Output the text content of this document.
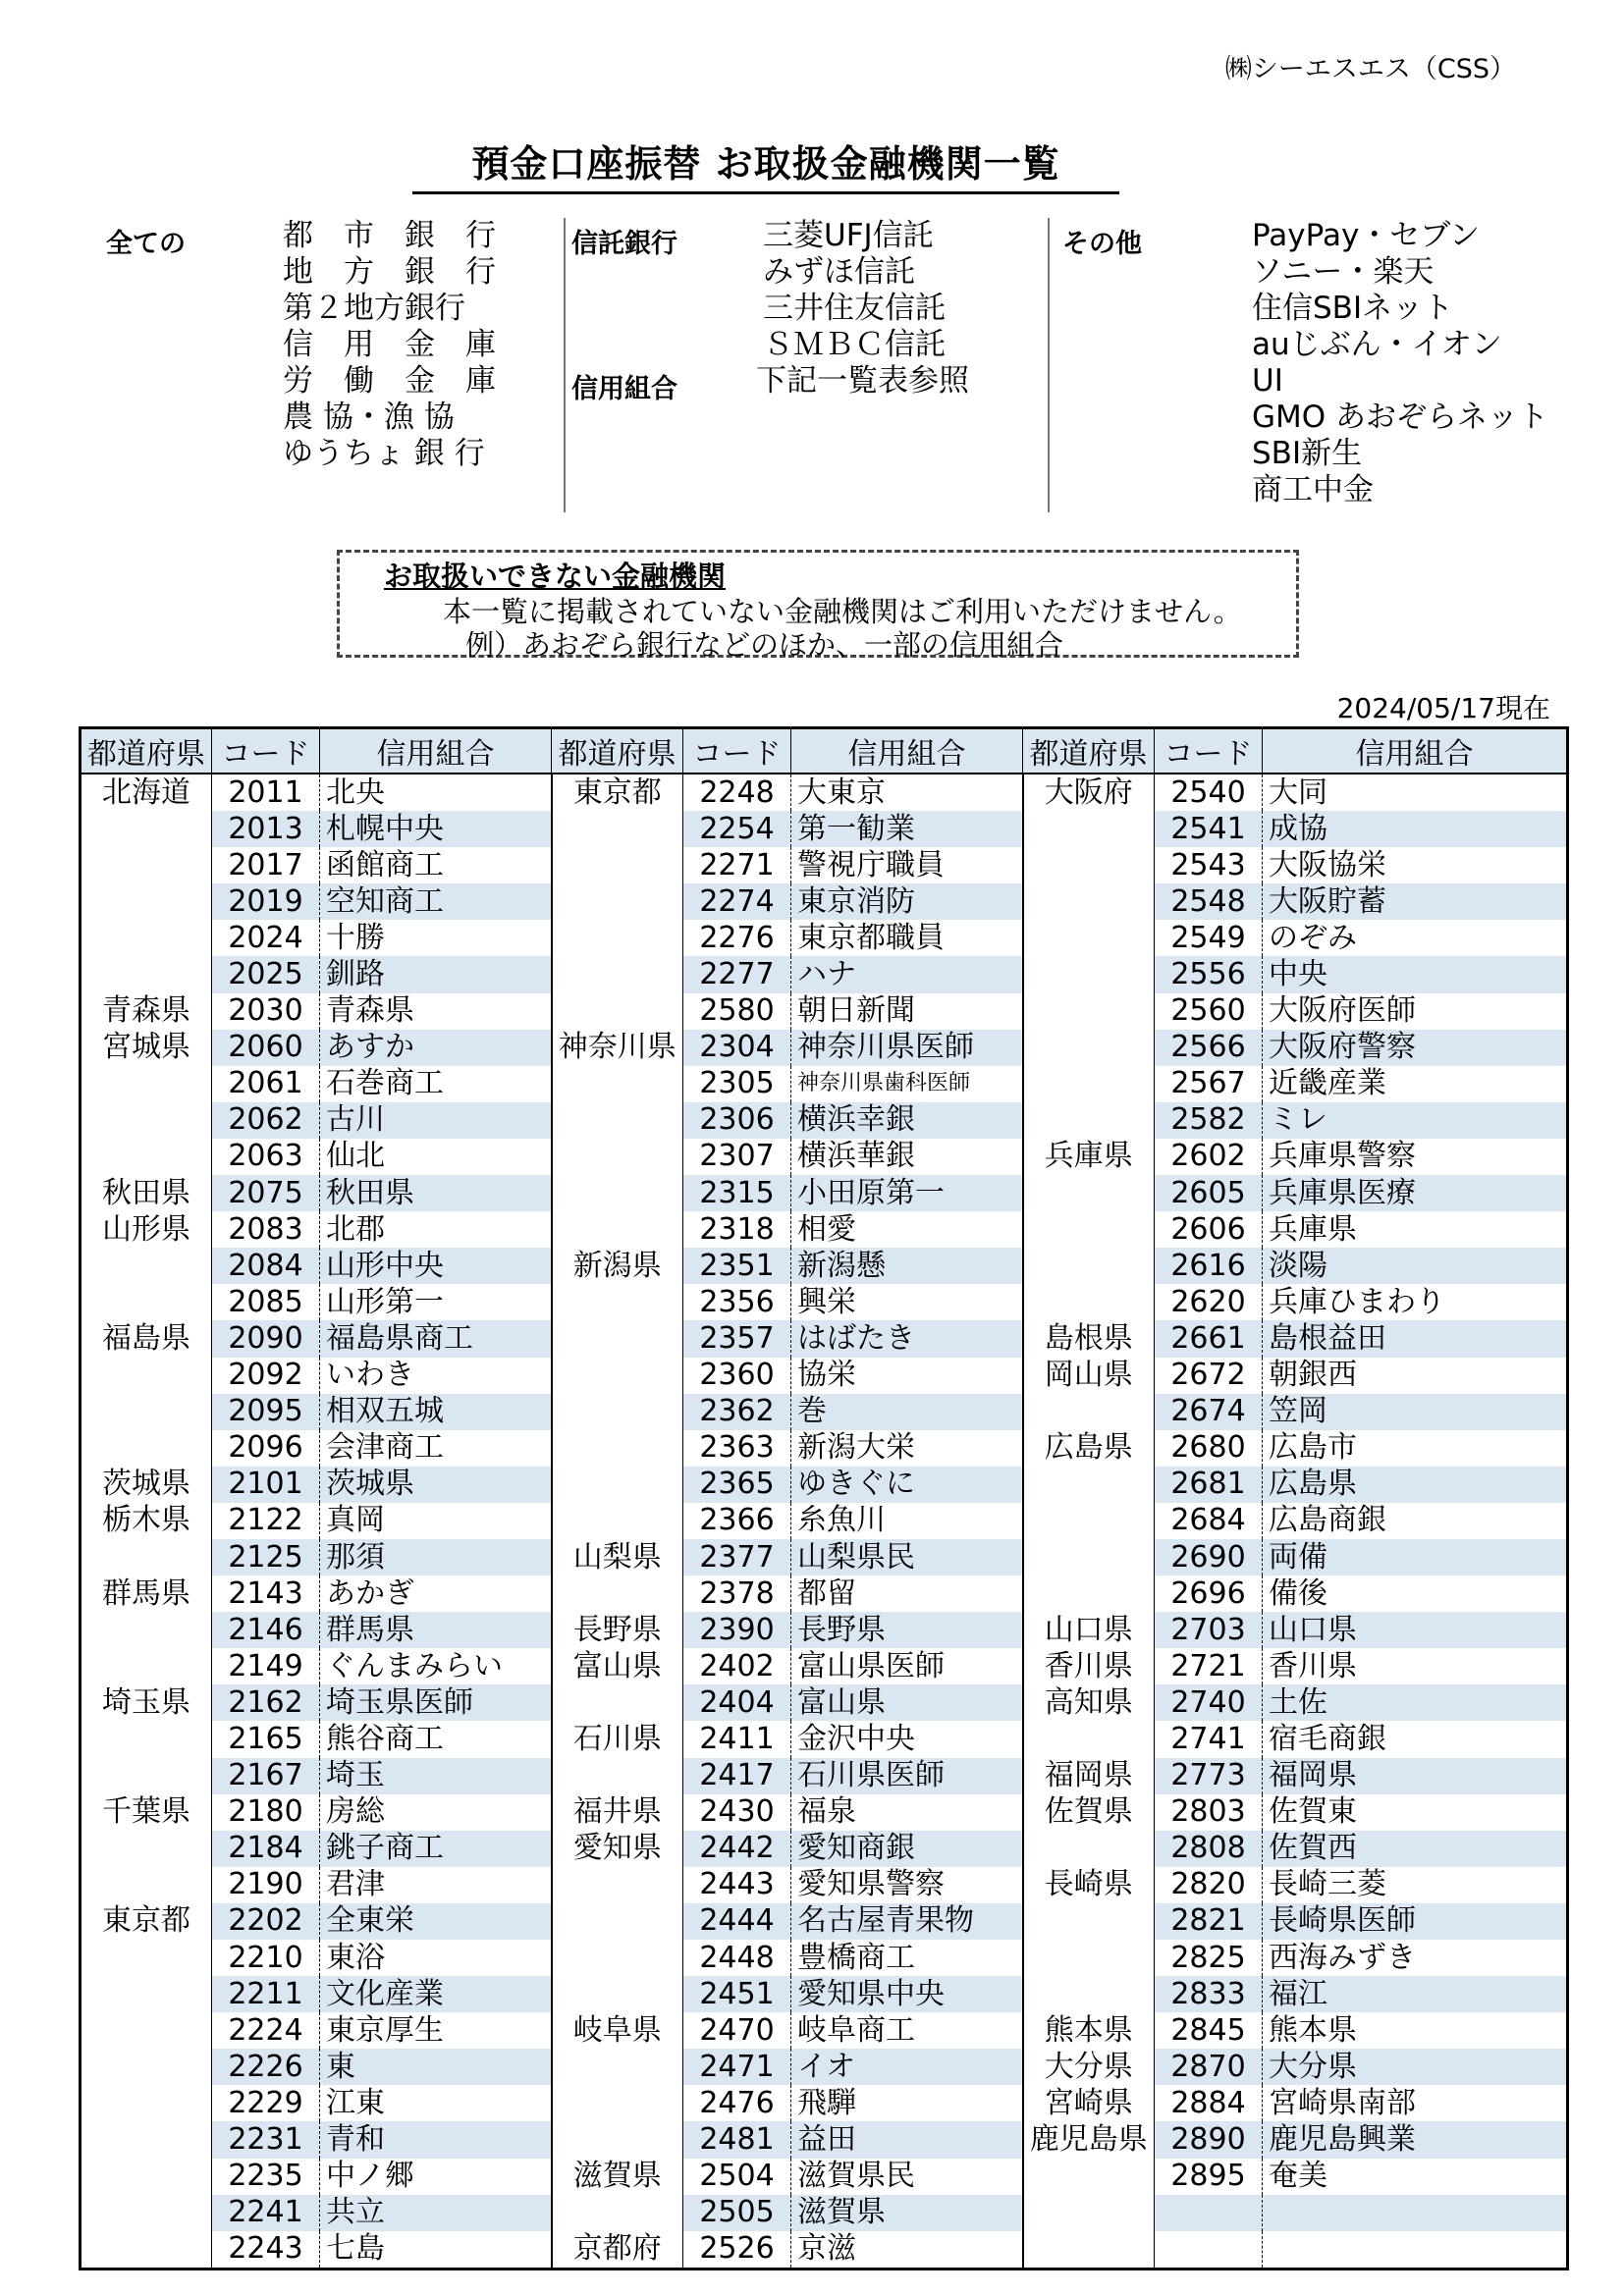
㈱シーエスエス（CSS）
預金口座振替 お取扱金融機関一覧
全ての	都　市　銀　行
地　方　銀　行
第２地方銀行
信　用　金　庫
労　働　金　庫
農 協・漁 協
ゆうちょ 銀 行
信託銀行	三菱UFJ信託
みずほ信託
三井住友信託
ＳＭＢＣ信託
信用組合	下記一覧表参照
その他	PayPay・セブン
ソニー・楽天
住信SBIネット
auじぶん・イオン
UI
GMO あおぞらネット
SBI新生
商工中金
お取扱いできない金融機関
本一覧に掲載されていない金融機関はご利用いただけません。
例）あおぞら銀行などのほか、一部の信用組合
2024/05/17現在
都道府県	コード	信用組合	都道府県	コード	信用組合	都道府県	コード	信用組合
北海道	2011	北央	東京都	2248	大東京	大阪府	2540	大同
	2013	札幌中央		2254	第一勧業		2541	成協
	2017	函館商工		2271	警視庁職員		2543	大阪協栄
	2019	空知商工		2274	東京消防		2548	大阪貯蓄
	2024	十勝		2276	東京都職員		2549	のぞみ
	2025	釧路		2277	ハナ		2556	中央
青森県	2030	青森県		2580	朝日新聞		2560	大阪府医師
宮城県	2060	あすか	神奈川県	2304	神奈川県医師		2566	大阪府警察
	2061	石巻商工		2305	神奈川県歯科医師		2567	近畿産業
	2062	古川		2306	横浜幸銀		2582	ミレ
	2063	仙北		2307	横浜華銀	兵庫県	2602	兵庫県警察
秋田県	2075	秋田県		2315	小田原第一		2605	兵庫県医療
山形県	2083	北郡		2318	相愛		2606	兵庫県
	2084	山形中央	新潟県	2351	新潟懸		2616	淡陽
	2085	山形第一		2356	興栄		2620	兵庫ひまわり
福島県	2090	福島県商工		2357	はばたき	島根県	2661	島根益田
	2092	いわき		2360	協栄	岡山県	2672	朝銀西
	2095	相双五城		2362	巻		2674	笠岡
	2096	会津商工		2363	新潟大栄	広島県	2680	広島市
茨城県	2101	茨城県		2365	ゆきぐに		2681	広島県
栃木県	2122	真岡		2366	糸魚川		2684	広島商銀
	2125	那須	山梨県	2377	山梨県民		2690	両備
群馬県	2143	あかぎ		2378	都留		2696	備後
	2146	群馬県	長野県	2390	長野県	山口県	2703	山口県
	2149	ぐんまみらい	富山県	2402	富山県医師	香川県	2721	香川県
埼玉県	2162	埼玉県医師		2404	富山県	高知県	2740	土佐
	2165	熊谷商工	石川県	2411	金沢中央		2741	宿毛商銀
	2167	埼玉		2417	石川県医師	福岡県	2773	福岡県
千葉県	2180	房総	福井県	2430	福泉	佐賀県	2803	佐賀東
	2184	銚子商工	愛知県	2442	愛知商銀		2808	佐賀西
	2190	君津		2443	愛知県警察	長崎県	2820	長崎三菱
東京都	2202	全東栄		2444	名古屋青果物		2821	長崎県医師
	2210	東浴		2448	豊橋商工		2825	西海みずき
	2211	文化産業		2451	愛知県中央		2833	福江
	2224	東京厚生	岐阜県	2470	岐阜商工	熊本県	2845	熊本県
	2226	東		2471	イオ	大分県	2870	大分県
	2229	江東		2476	飛騨	宮崎県	2884	宮崎県南部
	2231	青和		2481	益田	鹿児島県	2890	鹿児島興業
	2235	中ノ郷	滋賀県	2504	滋賀県民		2895	奄美
	2241	共立		2505	滋賀県			
	2243	七島	京都府	2526	京滋			
